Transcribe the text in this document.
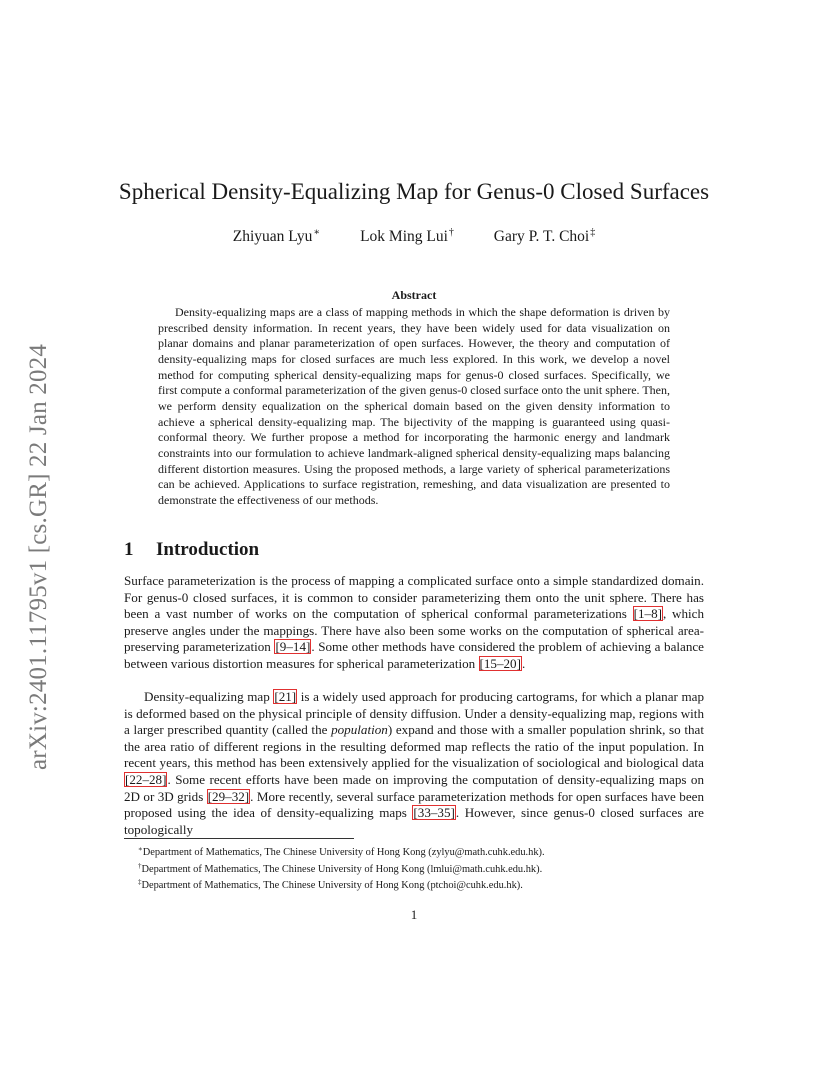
arXiv:2401.11795v1 [cs.GR] 22 Jan 2024
Spherical Density-Equalizing Map for Genus-0 Closed Surfaces
Zhiyuan Lyu∗	Lok Ming Lui†	Gary P. T. Choi‡
Abstract
Density-equalizing maps are a class of mapping methods in which the shape deformation is driven by prescribed density information. In recent years, they have been widely used for data visualization on planar domains and planar parameterization of open surfaces. However, the theory and computation of density-equalizing maps for closed surfaces are much less explored. In this work, we develop a novel method for computing spherical density-equalizing maps for genus-0 closed surfaces. Specifically, we first compute a conformal parameterization of the given genus-0 closed surface onto the unit sphere. Then, we perform density equalization on the spherical domain based on the given density information to achieve a spherical density-equalizing map. The bijectivity of the mapping is guaranteed using quasi-conformal theory. We further propose a method for incorporating the harmonic energy and landmark constraints into our formulation to achieve landmark-aligned spherical density-equalizing maps balancing different distortion measures. Using the proposed methods, a large variety of spherical parameterizations can be achieved. Applications to surface registration, remeshing, and data visualization are presented to demonstrate the effectiveness of our methods.
1 Introduction
Surface parameterization is the process of mapping a complicated surface onto a simple standardized domain. For genus-0 closed surfaces, it is common to consider parameterizing them onto the unit sphere. There has been a vast number of works on the computation of spherical conformal parameterizations [1–8], which preserve angles under the mappings. There have also been some works on the computation of spherical area-preserving parameterization [9–14]. Some other methods have considered the problem of achieving a balance between various distortion measures for spherical parameterization [15–20].
Density-equalizing map [21] is a widely used approach for producing cartograms, for which a planar map is deformed based on the physical principle of density diffusion. Under a density-equalizing map, regions with a larger prescribed quantity (called the population) expand and those with a smaller population shrink, so that the area ratio of different regions in the resulting deformed map reflects the ratio of the input population. In recent years, this method has been extensively applied for the visualization of sociological and biological data [22–28]. Some recent efforts have been made on improving the computation of density-equalizing maps on 2D or 3D grids [29–32]. More recently, several surface parameterization methods for open surfaces have been proposed using the idea of density-equalizing maps [33–35]. However, since genus-0 closed surfaces are topologically
∗Department of Mathematics, The Chinese University of Hong Kong (zylyu@math.cuhk.edu.hk).
†Department of Mathematics, The Chinese University of Hong Kong (lmlui@math.cuhk.edu.hk).
‡Department of Mathematics, The Chinese University of Hong Kong (ptchoi@cuhk.edu.hk).
1
